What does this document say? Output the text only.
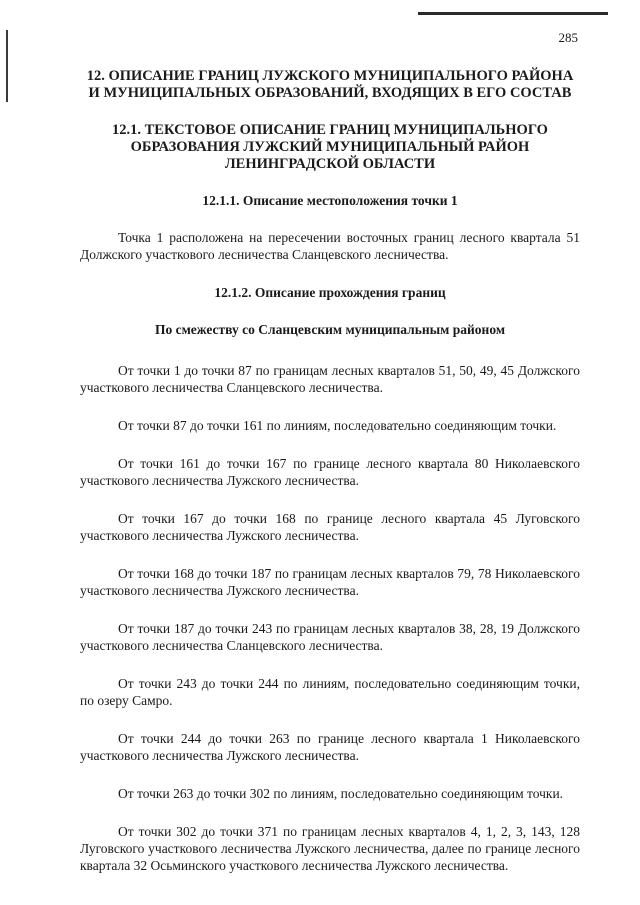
285
12. ОПИСАНИЕ ГРАНИЦ ЛУЖСКОГО МУНИЦИПАЛЬНОГО РАЙОНА И МУНИЦИПАЛЬНЫХ ОБРАЗОВАНИЙ, ВХОДЯЩИХ В ЕГО СОСТАВ
12.1. ТЕКСТОВОЕ ОПИСАНИЕ ГРАНИЦ МУНИЦИПАЛЬНОГО ОБРАЗОВАНИЯ ЛУЖСКИЙ МУНИЦИПАЛЬНЫЙ РАЙОН ЛЕНИНГРАДСКОЙ ОБЛАСТИ
12.1.1. Описание местоположения точки 1

Точка 1 расположена на пересечении восточных границ лесного квартала 51 Должского участкового лесничества Сланцевского лесничества.

12.1.2. Описание прохождения границ
По смежеству со Сланцевским муниципальным районом

От точки 1 до точки 87 по границам лесных кварталов 51, 50, 49, 45 Должского участкового лесничества Сланцевского лесничества.

От точки 87 до точки 161 по линиям, последовательно соединяющим точки.

От точки 161 до точки 167 по границе лесного квартала 80 Николаевского участкового лесничества Лужского лесничества.

От точки 167 до точки 168 по границе лесного квартала 45 Луговского участкового лесничества Лужского лесничества.

От точки 168 до точки 187 по границам лесных кварталов 79, 78 Николаевского участкового лесничества Лужского лесничества.

От точки 187 до точки 243 по границам лесных кварталов 38, 28, 19 Должского участкового лесничества Сланцевского лесничества.

От точки 243 до точки 244 по линиям, последовательно соединяющим точки, по озеру Самро.

От точки 244 до точки 263 по границе лесного квартала 1 Николаевского участкового лесничества Лужского лесничества.

От точки 263 до точки 302 по линиям, последовательно соединяющим точки.

От точки 302 до точки 371 по границам лесных кварталов 4, 1, 2, 3, 143, 128 Луговского участкового лесничества Лужского лесничества, далее по границе лесного квартала 32 Осьминского участкового лесничества Лужского лесничества.
